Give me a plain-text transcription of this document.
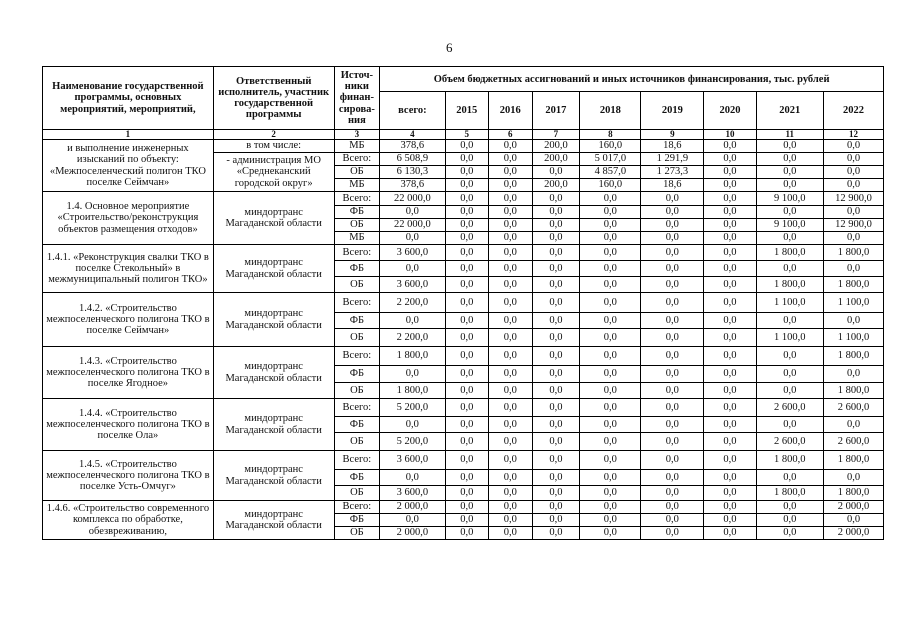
6
Наименование государственной программы, основных мероприятий, мероприятий,	Ответственный исполнитель, участник государственной программы	Источ- ники финан- сирова- ния	Объем бюджетных ассигнований и иных источников финансирования, тыс. рублей								
			всего:	2015	2016	2017	2018	2019	2020	2021	2022
1	2	3	4	5	6	7	8	9	10	11	12
и выполнение инженерных изысканий по объекту: «Межпоселенческий полигон ТКО поселке Сеймчан»	в том числе:	МБ	378,6	0,0	0,0	200,0	160,0	18,6	0,0	0,0	0,0
	- администрация МО «Среднеканский городской округ»	Всего:	6 508,9	0,0	0,0	200,0	5 017,0	1 291,9	0,0	0,0	0,0
		ОБ	6 130,3	0,0	0,0	0,0	4 857,0	1 273,3	0,0	0,0	0,0
		МБ	378,6	0,0	0,0	200,0	160,0	18,6	0,0	0,0	0,0
1.4. Основное мероприятие «Строительство/реконструкция объектов размещения отходов»	миндортранс Магаданской области	Всего:	22 000,0	0,0	0,0	0,0	0,0	0,0	0,0	9 100,0	12 900,0
		ФБ	0,0	0,0	0,0	0,0	0,0	0,0	0,0	0,0	0,0
		ОБ	22 000,0	0,0	0,0	0,0	0,0	0,0	0,0	9 100,0	12 900,0
		МБ	0,0	0,0	0,0	0,0	0,0	0,0	0,0	0,0	0,0
1.4.1. «Реконструкция свалки ТКО в поселке Стекольный» в межмуниципальный полигон ТКО»	миндортранс Магаданской области	Всего:	3 600,0	0,0	0,0	0,0	0,0	0,0	0,0	1 800,0	1 800,0
		ФБ	0,0	0,0	0,0	0,0	0,0	0,0	0,0	0,0	0,0
		ОБ	3 600,0	0,0	0,0	0,0	0,0	0,0	0,0	1 800,0	1 800,0
1.4.2. «Строительство межпоселенческого полигона ТКО в поселке Сеймчан»	миндортранс Магаданской области	Всего:	2 200,0	0,0	0,0	0,0	0,0	0,0	0,0	1 100,0	1 100,0
		ФБ	0,0	0,0	0,0	0,0	0,0	0,0	0,0	0,0	0,0
		ОБ	2 200,0	0,0	0,0	0,0	0,0	0,0	0,0	1 100,0	1 100,0
1.4.3. «Строительство межпоселенческого полигона ТКО в поселке Ягодное»	миндортранс Магаданской области	Всего:	1 800,0	0,0	0,0	0,0	0,0	0,0	0,0	0,0	1 800,0
		ФБ	0,0	0,0	0,0	0,0	0,0	0,0	0,0	0,0	0,0
		ОБ	1 800,0	0,0	0,0	0,0	0,0	0,0	0,0	0,0	1 800,0
1.4.4. «Строительство межпоселенческого полигона ТКО в поселке Ола»	миндортранс Магаданской области	Всего:	5 200,0	0,0	0,0	0,0	0,0	0,0	0,0	2 600,0	2 600,0
		ФБ	0,0	0,0	0,0	0,0	0,0	0,0	0,0	0,0	0,0
		ОБ	5 200,0	0,0	0,0	0,0	0,0	0,0	0,0	2 600,0	2 600,0
1.4.5. «Строительство межпоселенческого полигона ТКО в поселке Усть-Омчуг»	миндортранс Магаданской области	Всего:	3 600,0	0,0	0,0	0,0	0,0	0,0	0,0	1 800,0	1 800,0
		ФБ	0,0	0,0	0,0	0,0	0,0	0,0	0,0	0,0	0,0
		ОБ	3 600,0	0,0	0,0	0,0	0,0	0,0	0,0	1 800,0	1 800,0
1.4.6. «Строительство современного комплекса по обработке, обезвреживанию,	миндортранс Магаданской области	Всего:	2 000,0	0,0	0,0	0,0	0,0	0,0	0,0	0,0	2 000,0
		ФБ	0,0	0,0	0,0	0,0	0,0	0,0	0,0	0,0	0,0
		ОБ	2 000,0	0,0	0,0	0,0	0,0	0,0	0,0	0,0	2 000,0
